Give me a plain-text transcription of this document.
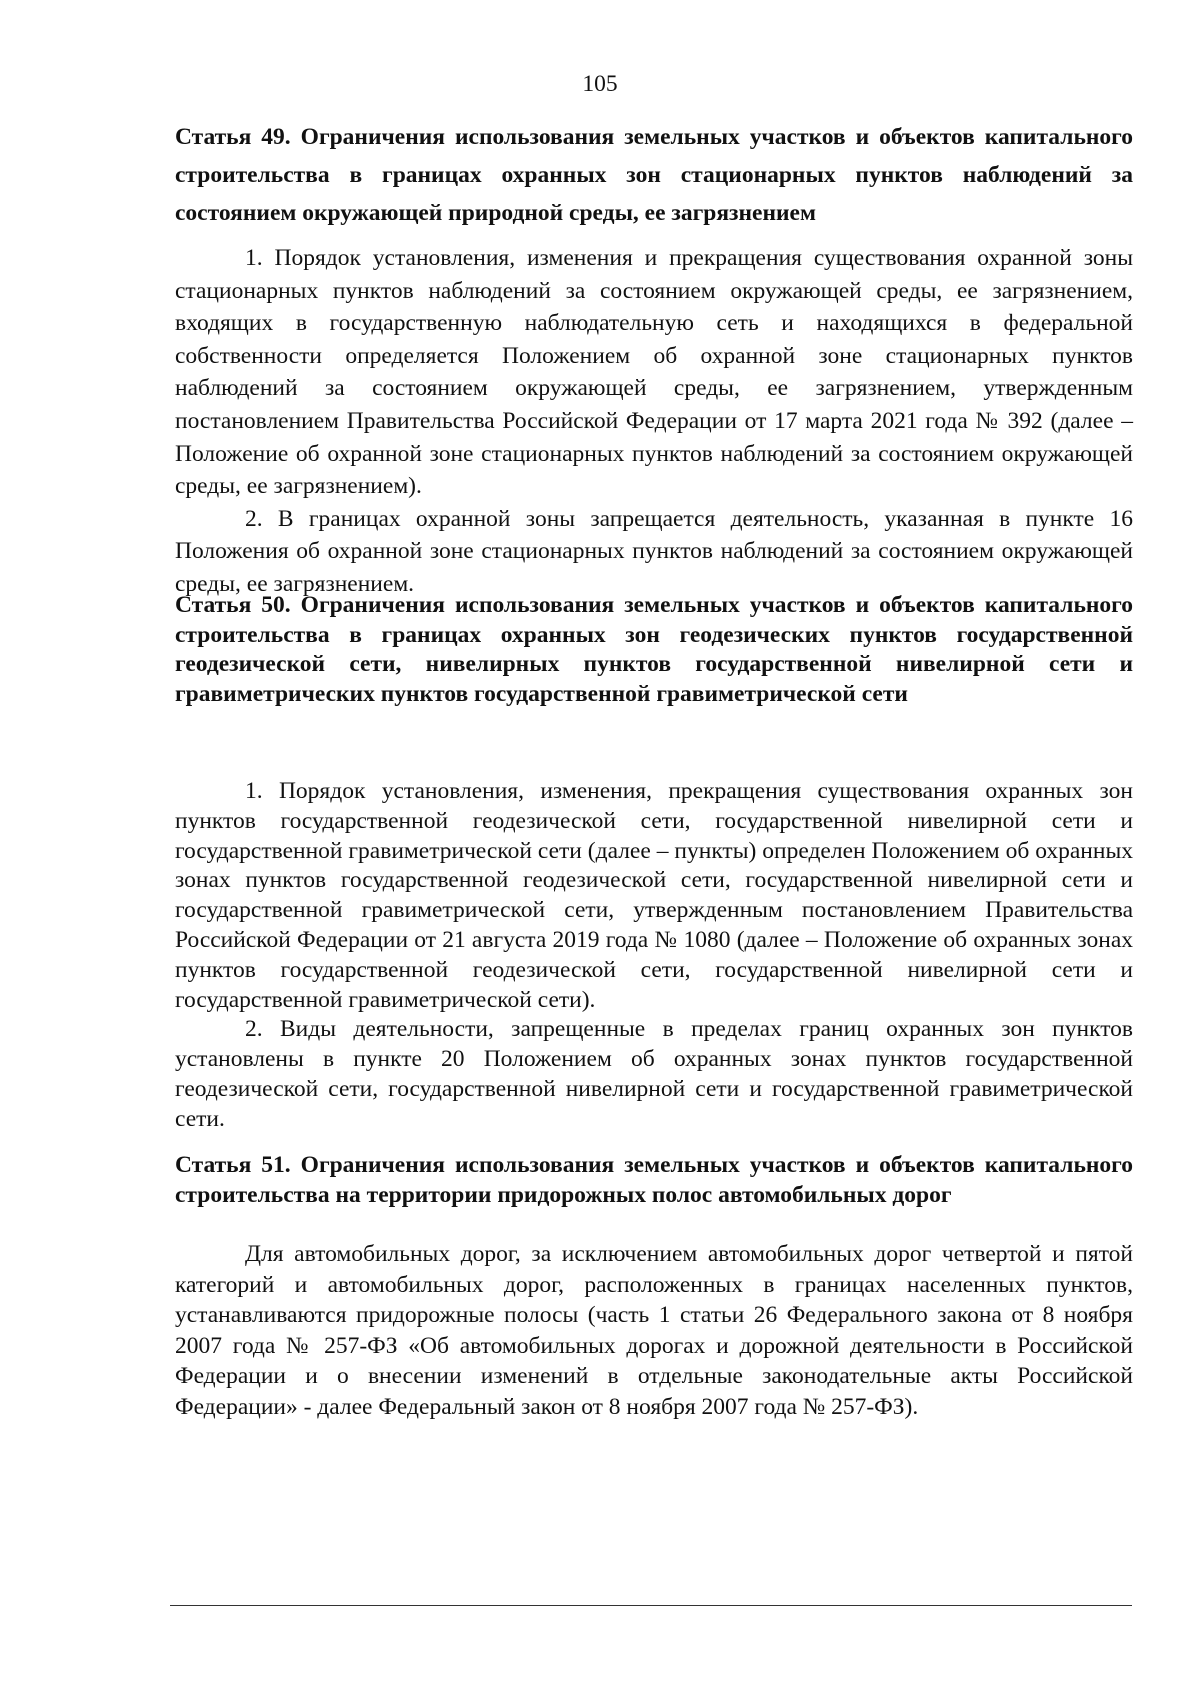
105
Статья 49. Ограничения использования земельных участков и объектов капитального строительства в границах охранных зон стационарных пунктов наблюдений за состоянием окружающей природной среды, ее загрязнением

1. Порядок установления, изменения и прекращения существования охранной зоны стационарных пунктов наблюдений за состоянием окружающей среды, ее загрязнением, входящих в государственную наблюдательную сеть и находящихся в федеральной собственности определяется Положением об охранной зоне стационарных пунктов наблюдений за состоянием окружающей среды, ее загрязнением, утвержденным постановлением Правительства Российской Федерации от 17 марта 2021 года № 392 (далее – Положение об охранной зоне стационарных пунктов наблюдений за состоянием окружающей среды, ее загрязнением).

2. В границах охранной зоны запрещается деятельность, указанная в пункте 16 Положения об охранной зоне стационарных пунктов наблюдений за состоянием окружающей среды, ее загрязнением.

Статья 50. Ограничения использования земельных участков и объектов капитального строительства в границах охранных зон геодезических пунктов государственной геодезической сети, нивелирных пунктов государственной нивелирной сети и гравиметрических пунктов государственной гравиметрической сети

1. Порядок установления, изменения, прекращения существования охранных зон пунктов государственной геодезической сети, государственной нивелирной сети и государственной гравиметрической сети (далее – пункты) определен Положением об охранных зонах пунктов государственной геодезической сети, государственной нивелирной сети и государственной гравиметрической сети, утвержденным постановлением Правительства Российской Федерации от 21 августа 2019 года № 1080 (далее – Положение об охранных зонах пунктов государственной геодезической сети, государственной нивелирной сети и государственной гравиметрической сети).

2. Виды деятельности, запрещенные в пределах границ охранных зон пунктов установлены в пункте 20 Положением об охранных зонах пунктов государственной геодезической сети, государственной нивелирной сети и государственной гравиметрической сети.

Статья 51. Ограничения использования земельных участков и объектов капитального строительства на территории придорожных полос автомобильных дорог

Для автомобильных дорог, за исключением автомобильных дорог четвертой и пятой категорий и автомобильных дорог, расположенных в границах населенных пунктов, устанавливаются придорожные полосы (часть 1 статьи 26 Федерального закона от 8 ноября 2007 года № 257-ФЗ «Об автомобильных дорогах и дорожной деятельности в Российской Федерации и о внесении изменений в отдельные законодательные акты Российской Федерации» - далее Федеральный закон от 8 ноября 2007 года № 257-ФЗ).
